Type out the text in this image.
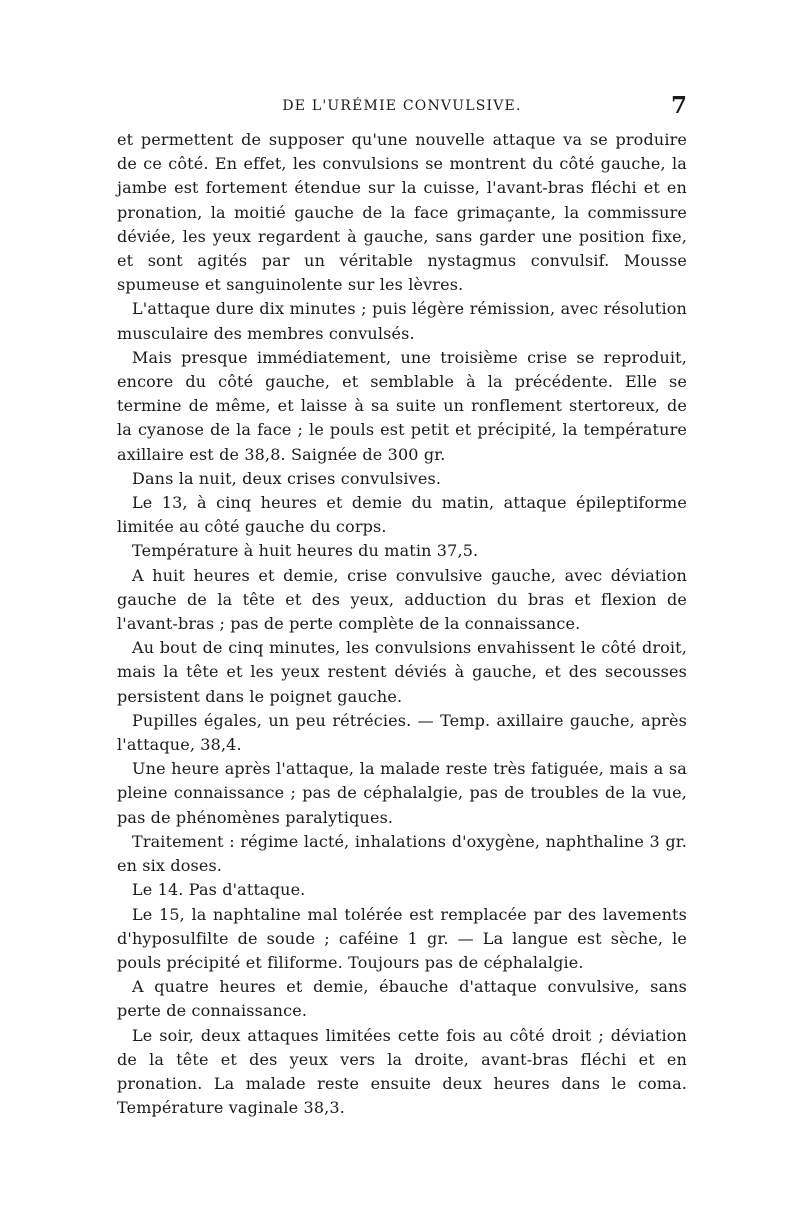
DE L'URÉMIE CONVULSIVE.	7

et permettent de supposer qu'une nouvelle attaque va se produire de ce côté. En effet, les convulsions se montrent du côté gauche, la jambe est fortement étendue sur la cuisse, l'avant-bras fléchi et en pronation, la moitié gauche de la face grimaçante, la commissure déviée, les yeux regardent à gauche, sans garder une position fixe, et sont agités par un véritable nystagmus convulsif. Mousse spumeuse et sanguinolente sur les lèvres.

L'attaque dure dix minutes ; puis légère rémission, avec résolution musculaire des membres convulsés.

Mais presque immédiatement, une troisième crise se reproduit, encore du côté gauche, et semblable à la précédente. Elle se termine de même, et laisse à sa suite un ronflement stertoreux, de la cyanose de la face ; le pouls est petit et précipité, la température axillaire est de 38,8. Saignée de 300 gr.

Dans la nuit, deux crises convulsives.

Le 13, à cinq heures et demie du matin, attaque épileptiforme limitée au côté gauche du corps.

Température à huit heures du matin 37,5.

A huit heures et demie, crise convulsive gauche, avec déviation gauche de la tête et des yeux, adduction du bras et flexion de l'avant-bras ; pas de perte complète de la connaissance.

Au bout de cinq minutes, les convulsions envahissent le côté droit, mais la tête et les yeux restent déviés à gauche, et des secousses persistent dans le poignet gauche.

Pupilles égales, un peu rétrécies. — Temp. axillaire gauche, après l'attaque, 38,4.

Une heure après l'attaque, la malade reste très fatiguée, mais a sa pleine connaissance ; pas de céphalalgie, pas de troubles de la vue, pas de phénomènes paralytiques.

Traitement : régime lacté, inhalations d'oxygène, naphthaline 3 gr. en six doses.

Le 14. Pas d'attaque.

Le 15, la naphtaline mal tolérée est remplacée par des lavements d'hyposulfilte de soude ; caféine 1 gr. — La langue est sèche, le pouls précipité et filiforme. Toujours pas de céphalalgie.

A quatre heures et demie, ébauche d'attaque convulsive, sans perte de connaissance.

Le soir, deux attaques limitées cette fois au côté droit ; déviation de la tête et des yeux vers la droite, avant-bras fléchi et en pronation. La malade reste ensuite deux heures dans le coma. Température vaginale 38,3.
